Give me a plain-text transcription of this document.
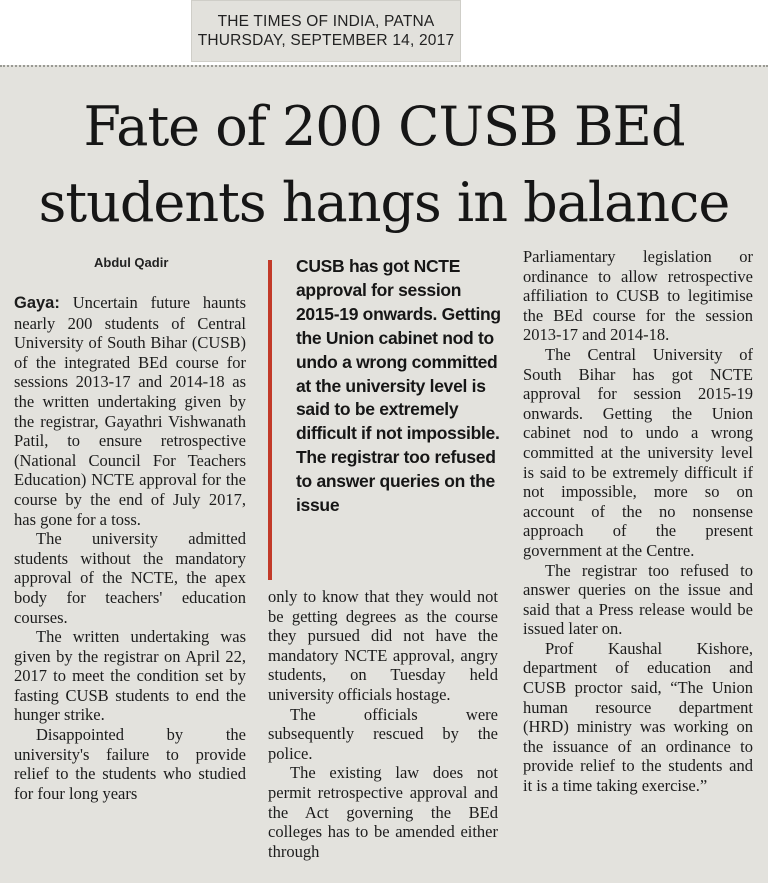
THE TIMES OF INDIA, PATNA
THURSDAY, SEPTEMBER 14, 2017
Fate of 200 CUSB BEd
students hangs in balance
Abdul Qadir

Gaya: Uncertain future haunts nearly 200 students of Central University of South Bihar (CUSB) of the integrated BEd course for sessions 2013-17 and 2014-18 as the written undertaking given by the registrar, Gayathri Vishwanath Patil, to ensure retrospective (National Council For Teachers Education) NCTE approval for the course by the end of July 2017, has gone for a toss.

The university admitted students without the mandatory approval of the NCTE, the apex body for teachers' education courses.

The written undertaking was given by the registrar on April 22, 2017 to meet the condition set by fasting CUSB students to end the hunger strike.

Disappointed by the university's failure to provide relief to the students who studied for four long years

CUSB has got NCTE approval for session 2015-19 onwards. Getting the Union cabinet nod to undo a wrong committed at the university level is said to be extremely difficult if not impossible. The registrar too refused to answer queries on the issue

only to know that they would not be getting degrees as the course they pursued did not have the mandatory NCTE approval, angry students, on Tuesday held university officials hostage.

The officials were subsequently rescued by the police.

The existing law does not permit retrospective approval and the Act governing the BEd colleges has to be amended either through

Parliamentary legislation or ordinance to allow retrospective affiliation to CUSB to legitimise the BEd course for the session 2013-17 and 2014-18.

The Central University of South Bihar has got NCTE approval for session 2015-19 onwards. Getting the Union cabinet nod to undo a wrong committed at the university level is said to be extremely difficult if not impossible, more so on account of the no nonsense approach of the present government at the Centre.

The registrar too refused to answer queries on the issue and said that a Press release would be issued later on.

Prof Kaushal Kishore, department of education and CUSB proctor said, “The Union human resource department (HRD) ministry was working on the issuance of an ordinance to provide relief to the students and it is a time taking exercise.”
